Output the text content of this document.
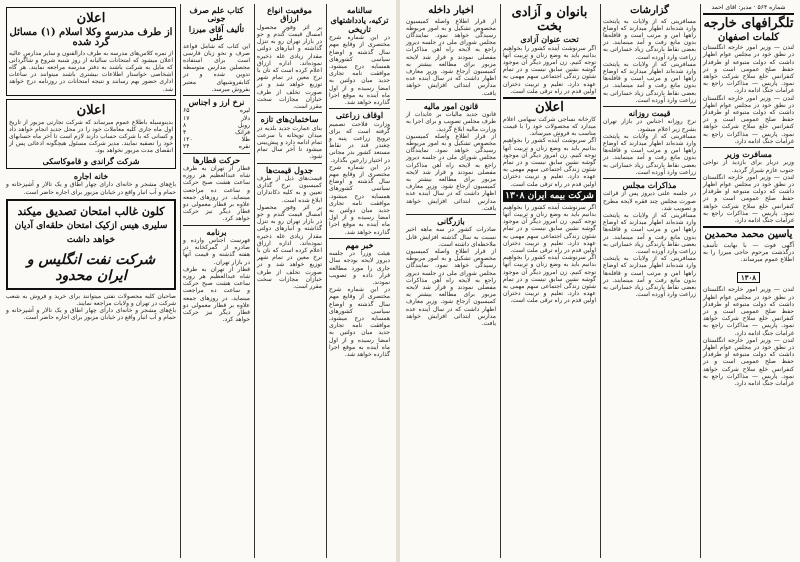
شماره ۵۶۴ · مدیر: آقای احمد
تلگرافهای خارجه
کلمات اصفهان

لندن — وزیر امور خارجه انگلستان در نطق خود در مجلس عوام اظهار داشت که دولت متبوعه او طرفدار حفظ صلح عمومی است و در کنفرانس خلع سلاح شرکت خواهد نمود. پاریس — مذاکرات راجع به غرامات جنگ ادامه دارد.

لندن — وزیر امور خارجه انگلستان در نطق خود در مجلس عوام اظهار داشت که دولت متبوعه او طرفدار حفظ صلح عمومی است و در کنفرانس خلع سلاح شرکت خواهد نمود. پاریس — مذاکرات راجع به غرامات جنگ ادامه دارد.

مسافرت وزیر

وزیر دربار برای بازدید از نواحی جنوب عازم شیراز گردید.

لندن — وزیر امور خارجه انگلستان در نطق خود در مجلس عوام اظهار داشت که دولت متبوعه او طرفدار حفظ صلح عمومی است و در کنفرانس خلع سلاح شرکت خواهد نمود. پاریس — مذاکرات راجع به غرامات جنگ ادامه دارد.

یاسین محمد محمدین

آگهی فوت — با نهایت تأسف درگذشت مرحوم حاجی میرزا را به اطلاع عموم میرساند.

۱۳۰۸

لندن — وزیر امور خارجه انگلستان در نطق خود در مجلس عوام اظهار داشت که دولت متبوعه او طرفدار حفظ صلح عمومی است و در کنفرانس خلع سلاح شرکت خواهد نمود. پاریس — مذاکرات راجع به غرامات جنگ ادامه دارد.

لندن — وزیر امور خارجه انگلستان در نطق خود در مجلس عوام اظهار داشت که دولت متبوعه او طرفدار حفظ صلح عمومی است و در کنفرانس خلع سلاح شرکت خواهد نمود. پاریس — مذاکرات راجع به غرامات جنگ ادامه دارد.

گزارشات

مسافرینی که از ولایات به پایتخت وارد شده‌اند اظهار میدارند که اوضاع راهها امن و مرتب است و قافله‌ها بدون مانع رفت و آمد مینمایند. در بعضی نقاط بارندگی زیاد خساراتی به زراعت وارد آورده است.

مسافرینی که از ولایات به پایتخت وارد شده‌اند اظهار میدارند که اوضاع راهها امن و مرتب است و قافله‌ها بدون مانع رفت و آمد مینمایند. در بعضی نقاط بارندگی زیاد خساراتی به زراعت وارد آورده است.

قیمت روزانه

نرخ روزانه اجناس در بازار تهران بشرح زیر اعلام میشود.

مسافرینی که از ولایات به پایتخت وارد شده‌اند اظهار میدارند که اوضاع راهها امن و مرتب است و قافله‌ها بدون مانع رفت و آمد مینمایند. در بعضی نقاط بارندگی زیاد خساراتی به زراعت وارد آورده است.

مذاکرات مجلس

در جلسه علنی دیروز پس از قرائت صورت مجلس چند فقره لایحه مطرح و تصویب شد.

مسافرینی که از ولایات به پایتخت وارد شده‌اند اظهار میدارند که اوضاع راهها امن و مرتب است و قافله‌ها بدون مانع رفت و آمد مینمایند. در بعضی نقاط بارندگی زیاد خساراتی به زراعت وارد آورده است.

مسافرینی که از ولایات به پایتخت وارد شده‌اند اظهار میدارند که اوضاع راهها امن و مرتب است و قافله‌ها بدون مانع رفت و آمد مینمایند. در بعضی نقاط بارندگی زیاد خساراتی به زراعت وارد آورده است.

بانوان و آزادی بخت
تحت عنوان آزادی

اگر سرنوشت آینده کشور را بخواهیم بدانیم باید به وضع زنان و تربیت آنها توجه کنیم. زن امروز دیگر آن موجود گوشه نشین سابق نیست و در تمام شئون زندگی اجتماعی سهم مهمی به عهده دارد. تعلیم و تربیت دختران اولین قدم در راه ترقی ملت است.

اعلان

کارخانه نساجی شرکت سهامی اعلام میدارد که محصولات خود را با قیمت مناسب به فروش میرساند.

اگر سرنوشت آینده کشور را بخواهیم بدانیم باید به وضع زنان و تربیت آنها توجه کنیم. زن امروز دیگر آن موجود گوشه نشین سابق نیست و در تمام شئون زندگی اجتماعی سهم مهمی به عهده دارد. تعلیم و تربیت دختران اولین قدم در راه ترقی ملت است.

شرکت بیمه ایران ۱۳۰۸

اگر سرنوشت آینده کشور را بخواهیم بدانیم باید به وضع زنان و تربیت آنها توجه کنیم. زن امروز دیگر آن موجود گوشه نشین سابق نیست و در تمام شئون زندگی اجتماعی سهم مهمی به عهده دارد. تعلیم و تربیت دختران اولین قدم در راه ترقی ملت است.

اگر سرنوشت آینده کشور را بخواهیم بدانیم باید به وضع زنان و تربیت آنها توجه کنیم. زن امروز دیگر آن موجود گوشه نشین سابق نیست و در تمام شئون زندگی اجتماعی سهم مهمی به عهده دارد. تعلیم و تربیت دختران اولین قدم در راه ترقی ملت است.

اخبار داخله

از قرار اطلاع واصله کمیسیون مخصوص تشکیل و به امور مربوطه رسیدگی خواهد نمود. نمایندگان مجلس شورای ملی در جلسه دیروز راجع به لایحه راه آهن مذاکرات مفصلی نمودند و قرار شد لایحه مزبور برای مطالعه بیشتر به کمیسیون ارجاع شود. وزیر معارف اظهار داشت که در سال آینده عده مدارس ابتدائی افزایش خواهد یافت.

قانون امور مالیه

قانون جدید مالیات بر عایدات از طرف مجلس تصویب و برای اجرا به وزارت مالیه ابلاغ گردید.

از قرار اطلاع واصله کمیسیون مخصوص تشکیل و به امور مربوطه رسیدگی خواهد نمود. نمایندگان مجلس شورای ملی در جلسه دیروز راجع به لایحه راه آهن مذاکرات مفصلی نمودند و قرار شد لایحه مزبور برای مطالعه بیشتر به کمیسیون ارجاع شود. وزیر معارف اظهار داشت که در سال آینده عده مدارس ابتدائی افزایش خواهد یافت.

بازرگانی

صادرات کشور در سه ماهه اخیر نسبت به سال گذشته افزایش قابل ملاحظه‌ای داشته است.

از قرار اطلاع واصله کمیسیون مخصوص تشکیل و به امور مربوطه رسیدگی خواهد نمود. نمایندگان مجلس شورای ملی در جلسه دیروز راجع به لایحه راه آهن مذاکرات مفصلی نمودند و قرار شد لایحه مزبور برای مطالعه بیشتر به کمیسیون ارجاع شود. وزیر معارف اظهار داشت که در سال آینده عده مدارس ابتدائی افزایش خواهد یافت.

سالنامه
ترکیه، یادداشتهای تاریخی

در این شماره شرح مختصری از وقایع مهم سال گذشته و اوضاع سیاسی کشورهای همسایه درج میشود. موافقت نامه تجاری جدید میان دولتین به امضا رسیده و از اول ماه آینده به موقع اجرا گذارده خواهد شد.

اوقاف زراعتی

وزارت فلاحت تصمیم گرفته است که برای ترویج زراعت پنبه و چغندر قند در نقاط مستعد کشور بذر مجانی در اختیار زارعین بگذارد.

در این شماره شرح مختصری از وقایع مهم سال گذشته و اوضاع سیاسی کشورهای همسایه درج میشود. موافقت نامه تجاری جدید میان دولتین به امضا رسیده و از اول ماه آینده به موقع اجرا گذارده خواهد شد.

خبر مهم

هیئت وزرا در جلسه دیروز لایحه بودجه سال جاری را مورد مطالعه قرار داده و تصویب نمودند.

در این شماره شرح مختصری از وقایع مهم سال گذشته و اوضاع سیاسی کشورهای همسایه درج میشود. موافقت نامه تجاری جدید میان دولتین به امضا رسیده و از اول ماه آینده به موقع اجرا گذارده خواهد شد.

موقعیت انواع ارزاق

بر اثر وفور محصول امسال قیمت گندم و جو در بازار تهران رو به تنزل گذاشته و انبارهای دولتی مقدار زیادی غله ذخیره نموده‌اند. اداره ارزاق اعلام کرده است که نان با نرخ معین در تمام شهر توزیع خواهد شد و در صورت تخلف از طرف خبازان مجازات سخت مقرر است.

ساختمان‌های تازه

بنای عمارت جدید بلدیه در میدان توپخانه با سرعت تمام ادامه دارد و پیش‌بینی میشود تا آخر سال تمام شود.

جدول قیمت‌ها

قیمت‌های ذیل از طرف کمیسیون نرخ گذاری تعیین و به کلیه دکانداران ابلاغ شده است.

بر اثر وفور محصول امسال قیمت گندم و جو در بازار تهران رو به تنزل گذاشته و انبارهای دولتی مقدار زیادی غله ذخیره نموده‌اند. اداره ارزاق اعلام کرده است که نان با نرخ معین در تمام شهر توزیع خواهد شد و در صورت تخلف از طرف خبازان مجازات سخت مقرر است.

کتاب علم صرف جونی
تألیف آقای میرزا علی

این کتاب که شامل قواعد صرف و نحو زبان فارسی است برای استفاده محصلین مدارس متوسطه تدوین شده و در کتابفروشیهای معتبر بفروش میرسد.

نرخ ارز و اجناس
لیره
۶۵
دلار
۱۷
روبل
۸
فرانک
۴
طلا
۱۲۰
نقره
۲۴
حرکت قطارها

قطار از تهران به طرف شاه عبدالعظیم هر روزه ساعت هشت صبح حرکت و ساعت ده مراجعت مینماید. در روزهای جمعه علاوه بر قطار معمولی دو قطار دیگر نیز حرکت خواهد کرد.

برنامه

فهرست اجناس وارده و صادره از گمرکخانه در هفته گذشته و قیمت آنها در بازار تهران.

قطار از تهران به طرف شاه عبدالعظیم هر روزه ساعت هشت صبح حرکت و ساعت ده مراجعت مینماید. در روزهای جمعه علاوه بر قطار معمولی دو قطار دیگر نیز حرکت خواهد کرد.

اعلان
از طرف مدرسه وکلا اسلام (۱) مسائل گرد شده

از نمره کلاس‌های مدرسه به طرف دارالفنون و سایر مدارس عالیه اعلان میشود که امتحانات سالیانه از روز شنبه شروع و شاگردانی که مایل به شرکت باشند به دفتر مدرسه مراجعه نمایند. هر گاه اشخاصی خواستار اطلاعات بیشتری باشند میتوانند در ساعات اداری حضور بهم رسانند و نتیجه امتحانات در روزنامه درج خواهد شد.

اعلان

بدینوسیله باطلاع عموم میرساند که شرکت تجارتی مزبور از تاریخ اول ماه جاری کلیه معاملات خود را در محل جدید انجام خواهد داد و کسانی که با شرکت حساب دارند لازم است تا آخر ماه حسابهای خود را تصفیه نمایند. مدیر شرکت مسئول هیچگونه ادعائی پس از انقضای مدت مزبور نخواهد بود.

شرکت گراندی و قاموکاسکی
خانه اجاره

باغ‌های مشجر و خانه‌ای دارای چهار اطاق و یک تالار و آشپزخانه و حمام و آب انبار واقع در خیابان مزبور برای اجاره حاضر است.

کلون غالب امتحان تصدیق میکند
سلیری هیس ازکیک امتحان حلقه‌ای آدیان
خواهد داشت
شرکت نفت انگلیس و ایران محدود

صاحبان کلیه محصولات نفتی میتوانند برای خرید و فروش به شعب شرکت در تهران و ولایات مراجعه نمایند.

باغ‌های مشجر و خانه‌ای دارای چهار اطاق و یک تالار و آشپزخانه و حمام و آب انبار واقع در خیابان مزبور برای اجاره حاضر است.
